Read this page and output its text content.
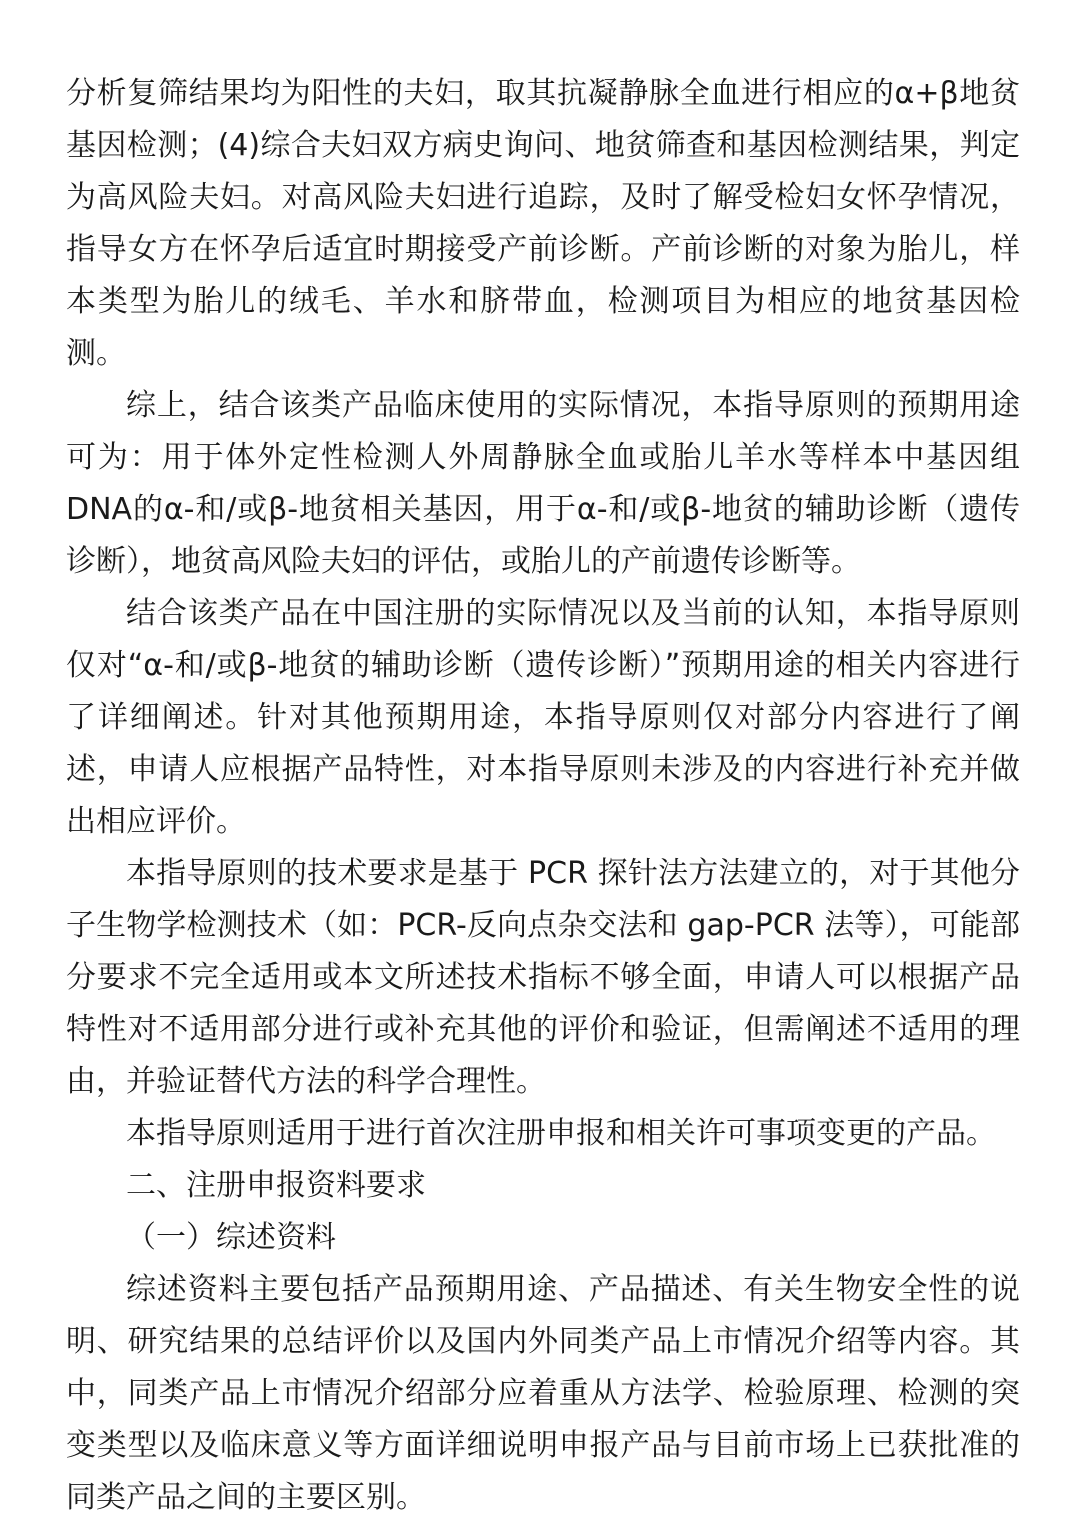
分析复筛结果均为阳性的夫妇，取其抗凝静脉全血进行相应的α+β地贫基因检测；(4)综合夫妇双方病史询问、地贫筛查和基因检测结果，判定为高风险夫妇。对高风险夫妇进行追踪，及时了解受检妇女怀孕情况，指导女方在怀孕后适宜时期接受产前诊断。产前诊断的对象为胎儿，样本类型为胎儿的绒毛、羊水和脐带血，检测项目为相应的地贫基因检测。

综上，结合该类产品临床使用的实际情况，本指导原则的预期用途可为：用于体外定性检测人外周静脉全血或胎儿羊水等样本中基因组DNA的α-和/或β-地贫相关基因，用于α-和/或β-地贫的辅助诊断（遗传诊断），地贫高风险夫妇的评估，或胎儿的产前遗传诊断等。

结合该类产品在中国注册的实际情况以及当前的认知，本指导原则仅对“α-和/或β-地贫的辅助诊断（遗传诊断）”预期用途的相关内容进行了详细阐述。针对其他预期用途，本指导原则仅对部分内容进行了阐述，申请人应根据产品特性，对本指导原则未涉及的内容进行补充并做出相应评价。

本指导原则的技术要求是基于 PCR 探针法方法建立的，对于其他分子生物学检测技术（如：PCR-反向点杂交法和 gap-PCR 法等），可能部分要求不完全适用或本文所述技术指标不够全面，申请人可以根据产品特性对不适用部分进行或补充其他的评价和验证，但需阐述不适用的理由，并验证替代方法的科学合理性。

本指导原则适用于进行首次注册申报和相关许可事项变更的产品。

二、注册申报资料要求

（一）综述资料

综述资料主要包括产品预期用途、产品描述、有关生物安全性的说明、研究结果的总结评价以及国内外同类产品上市情况介绍等内容。其中，同类产品上市情况介绍部分应着重从方法学、检验原理、检测的突变类型以及临床意义等方面详细说明申报产品与目前市场上已获批准的同类产品之间的主要区别。
